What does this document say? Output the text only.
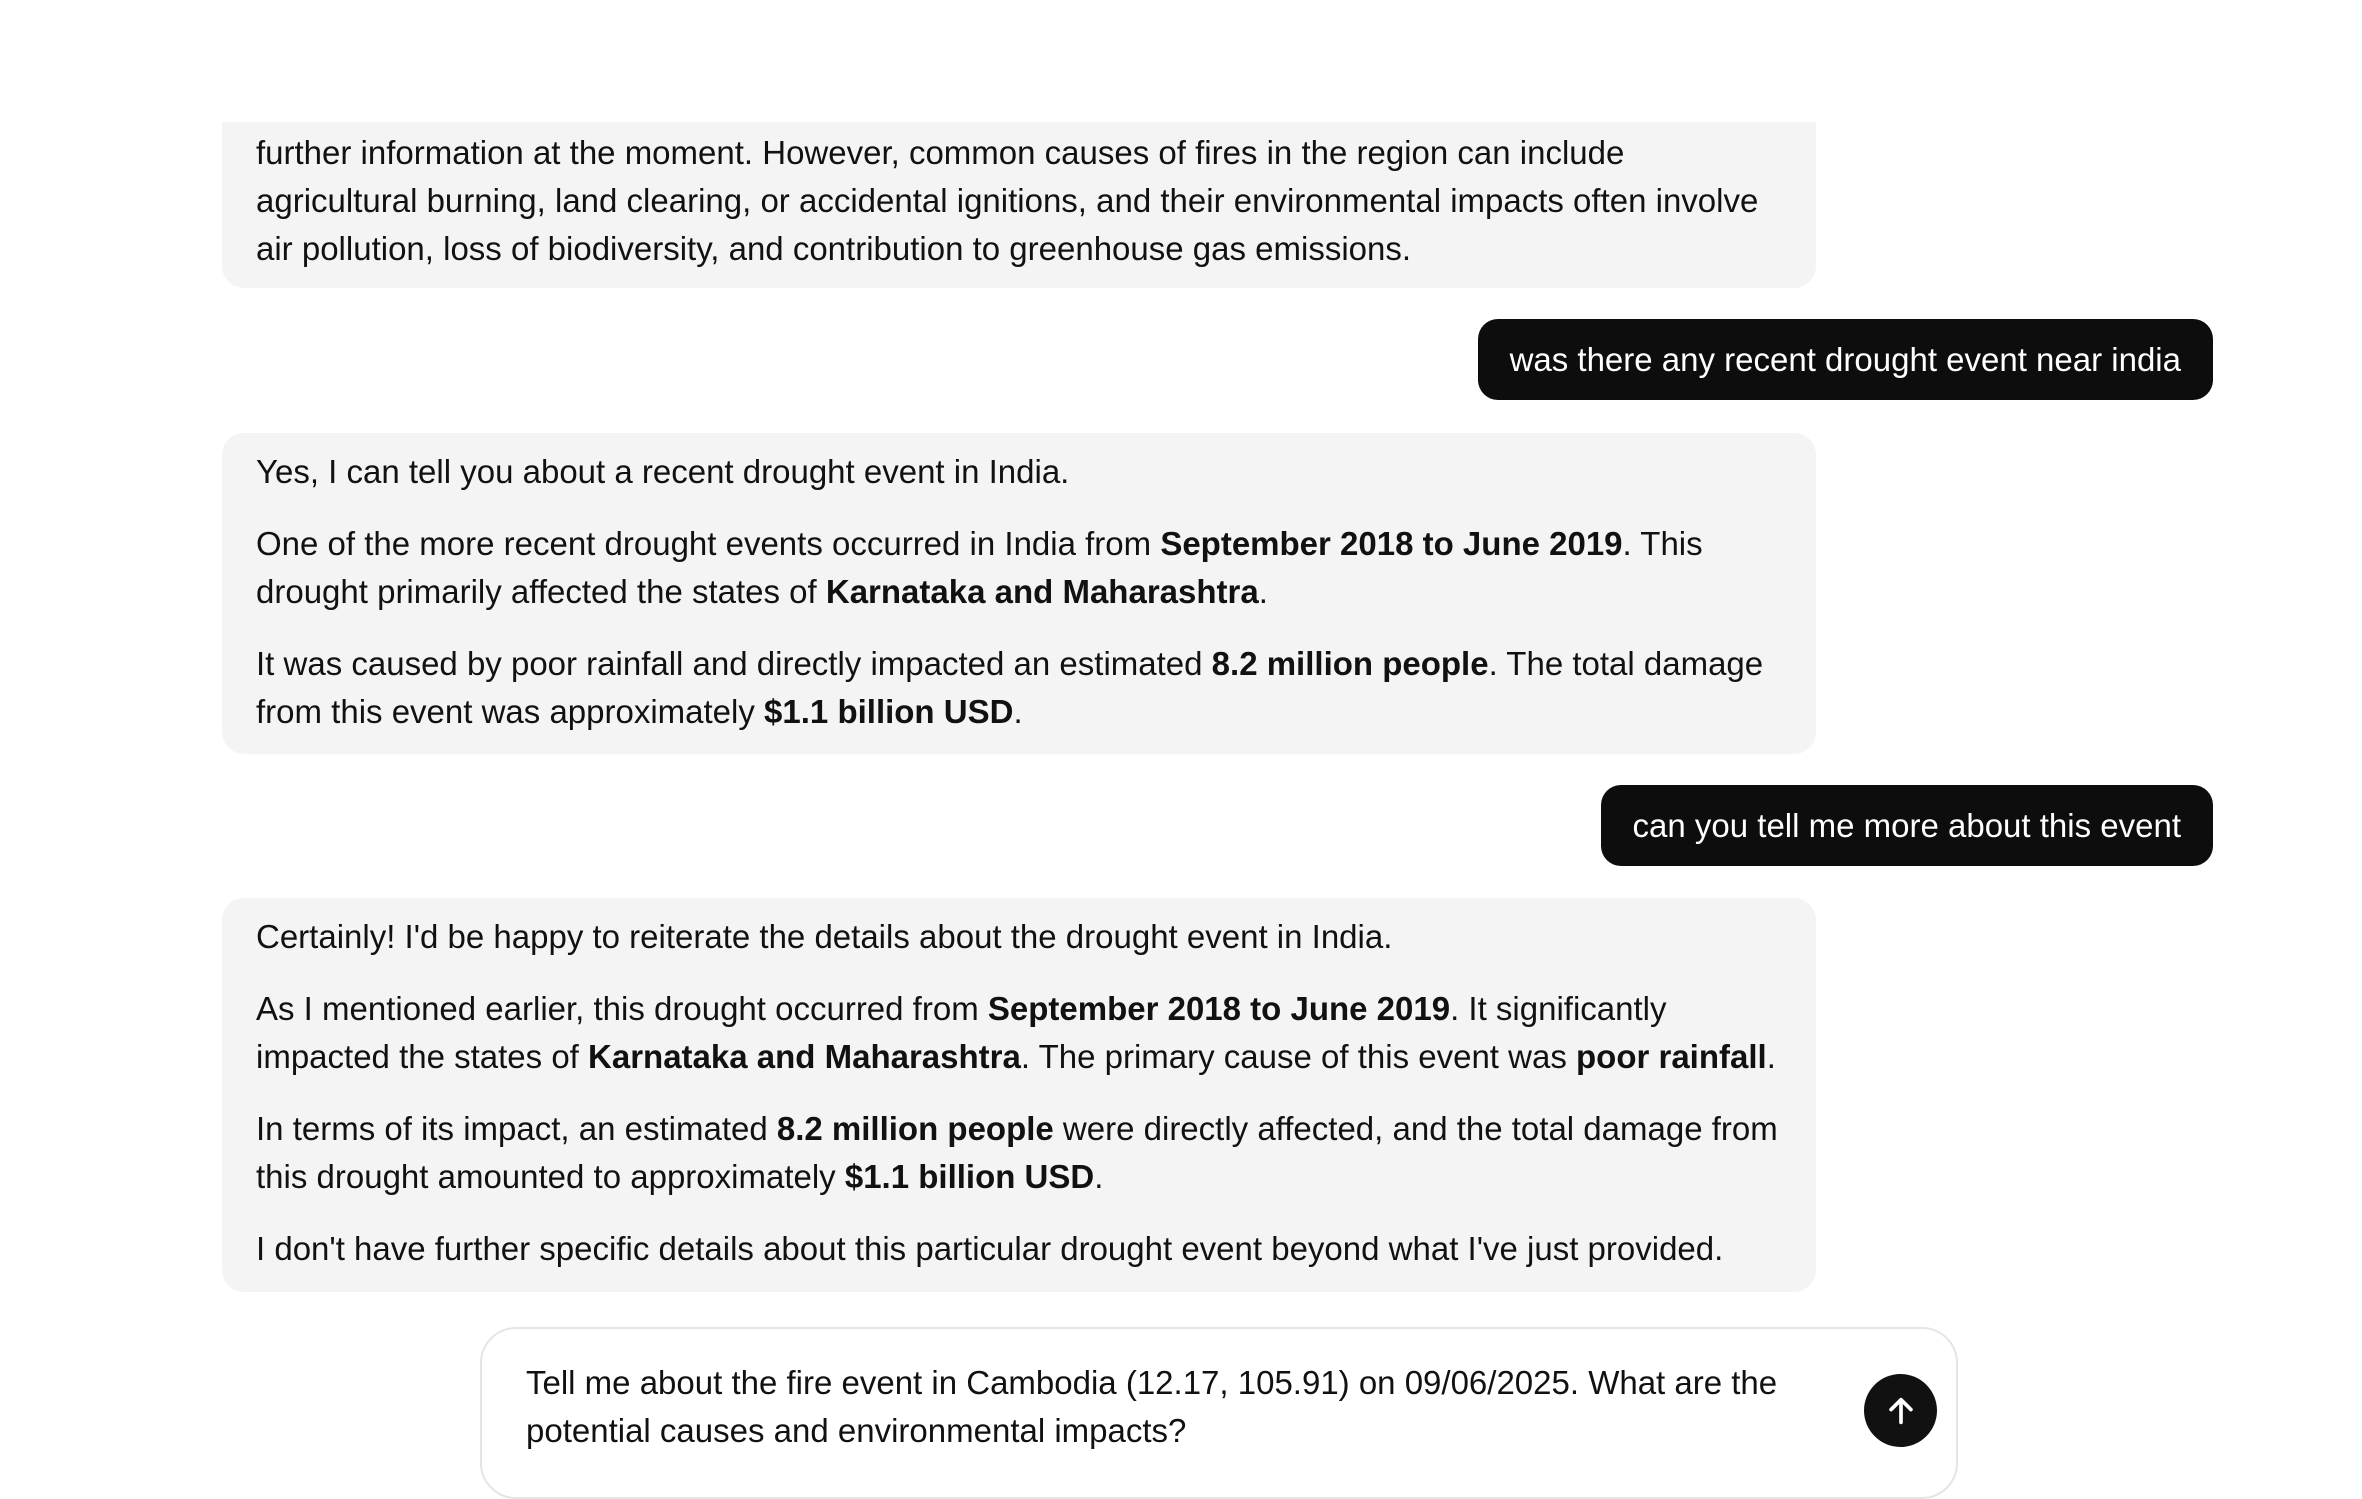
further information at the moment. However, common causes of fires in the region can include agricultural burning, land clearing, or accidental ignitions, and their environmental impacts often involve air pollution, loss of biodiversity, and contribution to greenhouse gas emissions.

was there any recent drought event near india

Yes, I can tell you about a recent drought event in India.

One of the more recent drought events occurred in India from September 2018 to June 2019. This drought primarily affected the states of Karnataka and Maharashtra.

It was caused by poor rainfall and directly impacted an estimated 8.2 million people. The total damage from this event was approximately $1.1 billion USD.

can you tell me more about this event

Certainly! I'd be happy to reiterate the details about the drought event in India.

As I mentioned earlier, this drought occurred from September 2018 to June 2019. It significantly impacted the states of Karnataka and Maharashtra. The primary cause of this event was poor rainfall.

In terms of its impact, an estimated 8.2 million people were directly affected, and the total damage from this drought amounted to approximately $1.1 billion USD.

I don't have further specific details about this particular drought event beyond what I've just provided.

Tell me about the fire event in Cambodia (12.17, 105.91) on 09/06/2025. What are the potential causes and environmental impacts?
